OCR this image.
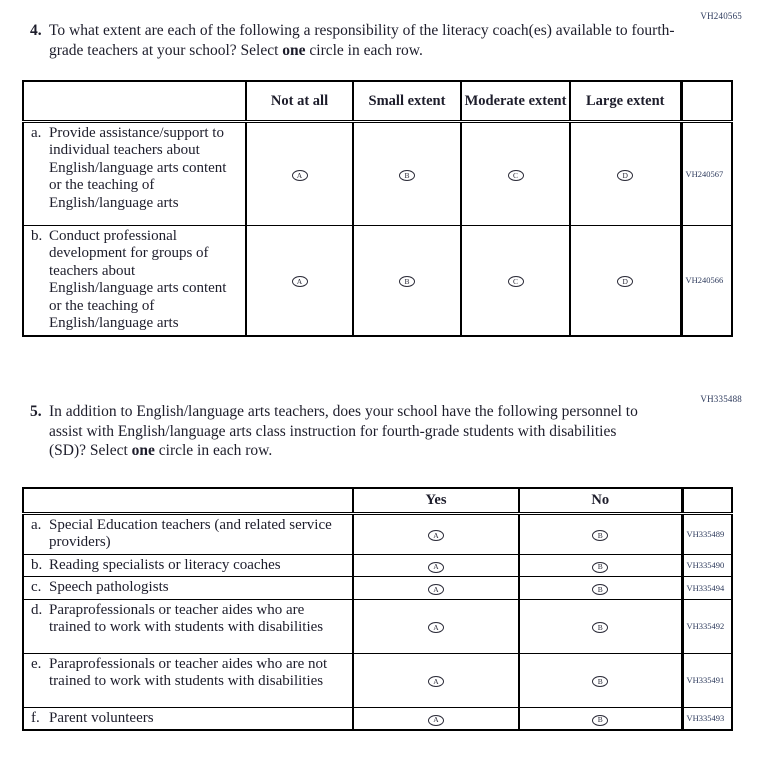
VH240565
4. To what extent are each of the following a responsibility of the literacy coach(es) available to fourth-grade teachers at your school? Select one circle in each row.
	Not at all	Small extent	Moderate extent	Large extent	

a. Provide assistance/support to individual teachers about English/language arts content or the teaching of English/language arts	A	B	C	D	VH240567

b. Conduct professional development for groups of teachers about English/language arts content or the teaching of English/language arts	A	B	C	D	VH240566
VH335488
5. In addition to English/language arts teachers, does your school have the following personnel to assist with English/language arts class instruction for fourth-grade students with disabilities (SD)? Select one circle in each row.
	Yes	No	

a. Special Education teachers (and related service providers)	A	B	VH335489

b. Reading specialists or literacy coaches	A	B	VH335490

c. Speech pathologists	A	B	VH335494

d. Paraprofessionals or teacher aides who are trained to work with students with disabilities	A	B	VH335492

e. Paraprofessionals or teacher aides who are not trained to work with students with disabilities	A	B	VH335491

f. Parent volunteers	A	B	VH335493
